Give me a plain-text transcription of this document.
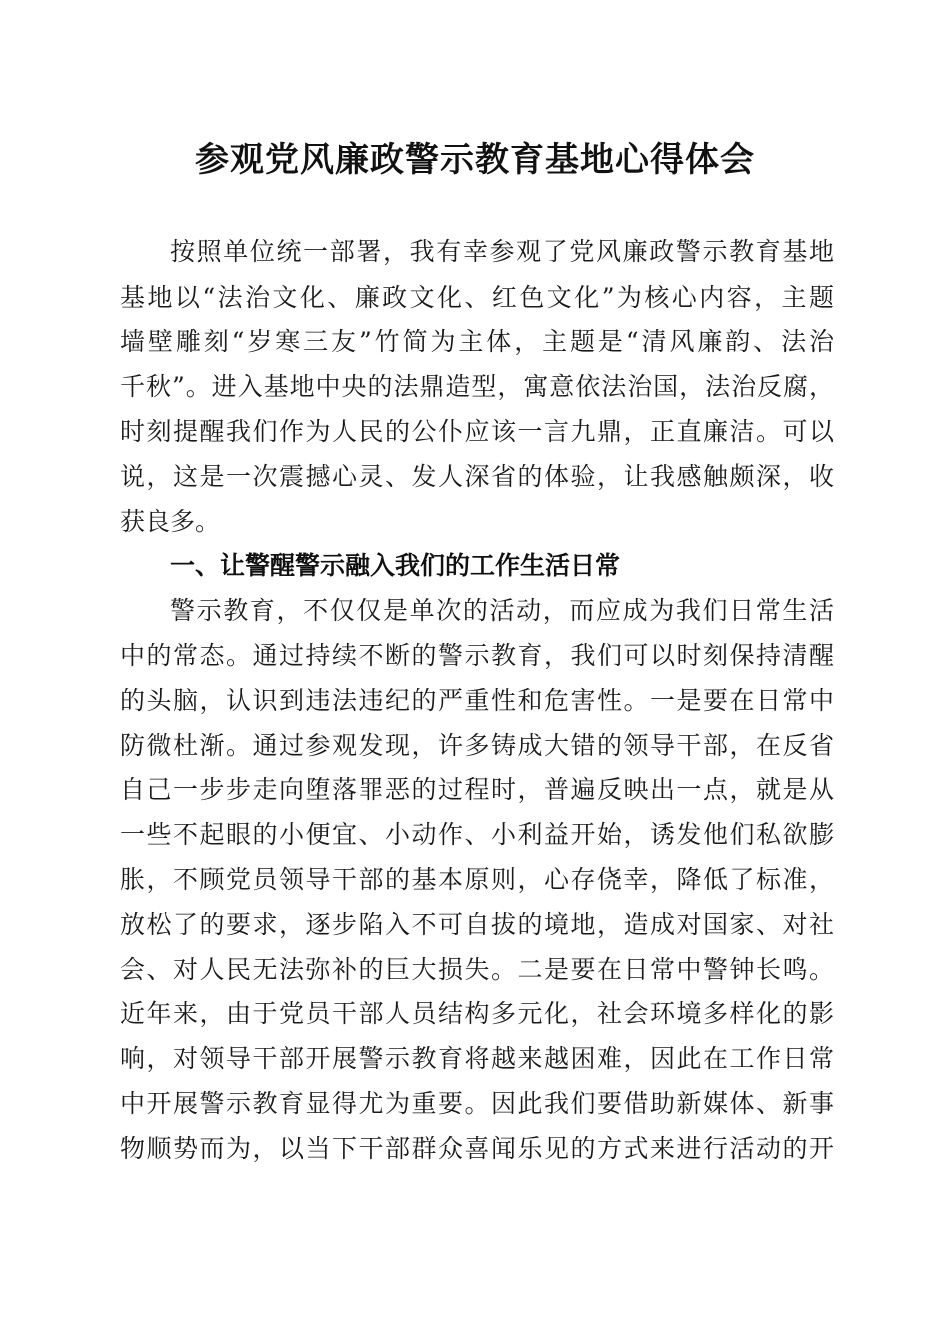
参观党风廉政警示教育基地心得体会
按照单位统一部署，我有幸参观了党风廉政警示教育基地
基地以“法治文化、廉政文化、红色文化”为核心内容，主题
墙壁雕刻“岁寒三友”竹简为主体，主题是“清风廉韵、法治
千秋”。进入基地中央的法鼎造型，寓意依法治国，法治反腐，
时刻提醒我们作为人民的公仆应该一言九鼎，正直廉洁。可以
说，这是一次震撼心灵、发人深省的体验，让我感触颇深，收
获良多。
一、让警醒警示融入我们的工作生活日常
警示教育，不仅仅是单次的活动，而应成为我们日常生活
中的常态。通过持续不断的警示教育，我们可以时刻保持清醒
的头脑，认识到违法违纪的严重性和危害性。一是要在日常中
防微杜渐。通过参观发现，许多铸成大错的领导干部，在反省
自己一步步走向堕落罪恶的过程时，普遍反映出一点，就是从
一些不起眼的小便宜、小动作、小利益开始，诱发他们私欲膨
胀，不顾党员领导干部的基本原则，心存侥幸，降低了标准，
放松了的要求，逐步陷入不可自拔的境地，造成对国家、对社
会、对人民无法弥补的巨大损失。二是要在日常中警钟长鸣。
近年来，由于党员干部人员结构多元化，社会环境多样化的影
响，对领导干部开展警示教育将越来越困难，因此在工作日常
中开展警示教育显得尤为重要。因此我们要借助新媒体、新事
物顺势而为，以当下干部群众喜闻乐见的方式来进行活动的开
